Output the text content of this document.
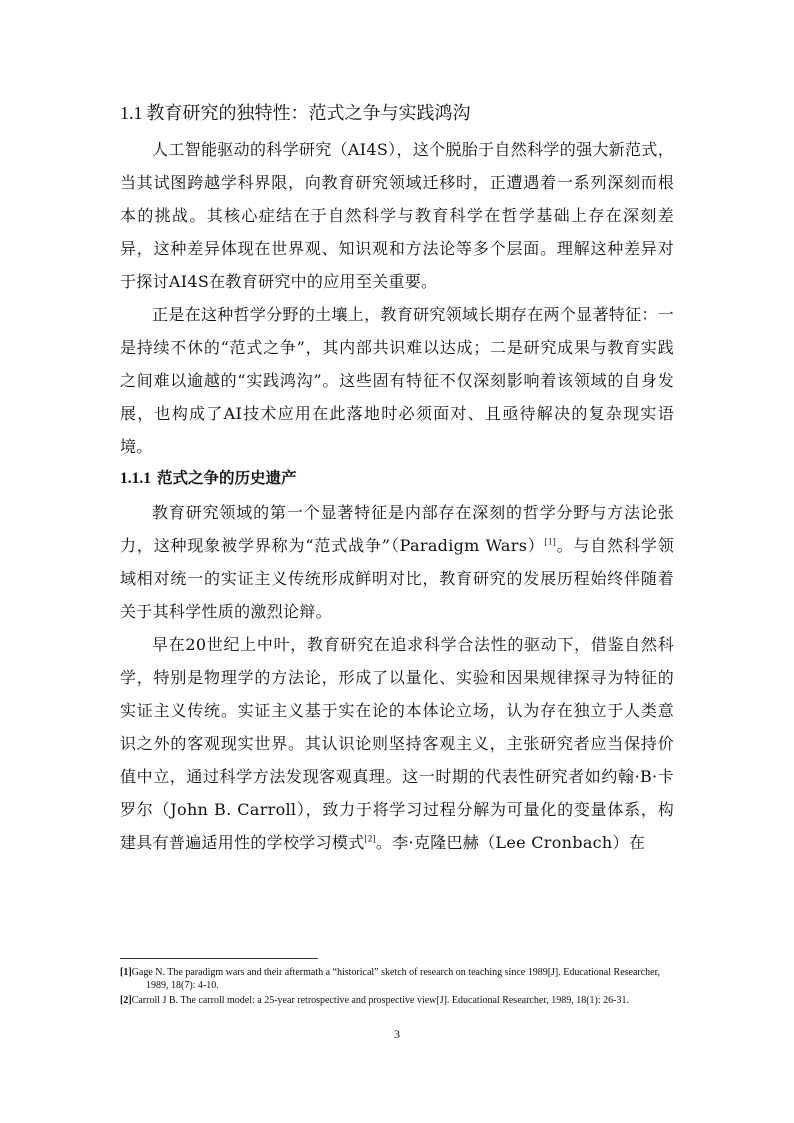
1.1 教育研究的独特性：范式之争与实践鸿沟

人工智能驱动的科学研究（AI4S），这个脱胎于自然科学的强大新范式，当其试图跨越学科界限，向教育研究领域迁移时，正遭遇着一系列深刻而根本的挑战。其核心症结在于自然科学与教育科学在哲学基础上存在深刻差异，这种差异体现在世界观、知识观和方法论等多个层面。理解这种差异对于探讨AI4S在教育研究中的应用至关重要。

正是在这种哲学分野的土壤上，教育研究领域长期存在两个显著特征：一是持续不休的“范式之争”，其内部共识难以达成；二是研究成果与教育实践之间难以逾越的“实践鸿沟”。这些固有特征不仅深刻影响着该领域的自身发展，也构成了AI技术应用在此落地时必须面对、且亟待解决的复杂现实语境。

1.1.1 范式之争的历史遗产

教育研究领域的第一个显著特征是内部存在深刻的哲学分野与方法论张力，这种现象被学界称为“范式战争”（Paradigm Wars）[1]。与自然科学领域相对统一的实证主义传统形成鲜明对比，教育研究的发展历程始终伴随着关于其科学性质的激烈论辩。

早在20世纪上中叶，教育研究在追求科学合法性的驱动下，借鉴自然科学，特别是物理学的方法论，形成了以量化、实验和因果规律探寻为特征的实证主义传统。实证主义基于实在论的本体论立场，认为存在独立于人类意识之外的客观现实世界。其认识论则坚持客观主义，主张研究者应当保持价值中立，通过科学方法发现客观真理。这一时期的代表性研究者如约翰·B·卡罗尔（John B. Carroll），致力于将学习过程分解为可量化的变量体系，构建具有普遍适用性的学校学习模式[2]。李·克隆巴赫（Lee Cronbach）在

[1]Gage N. The paradigm wars and their aftermath a “historical” sketch of research on teaching since 1989[J]. Educational Researcher, 1989, 18(7): 4-10.

[2]Carroll J B. The carroll model: a 25-year retrospective and prospective view[J]. Educational Researcher, 1989, 18(1): 26-31.

3
